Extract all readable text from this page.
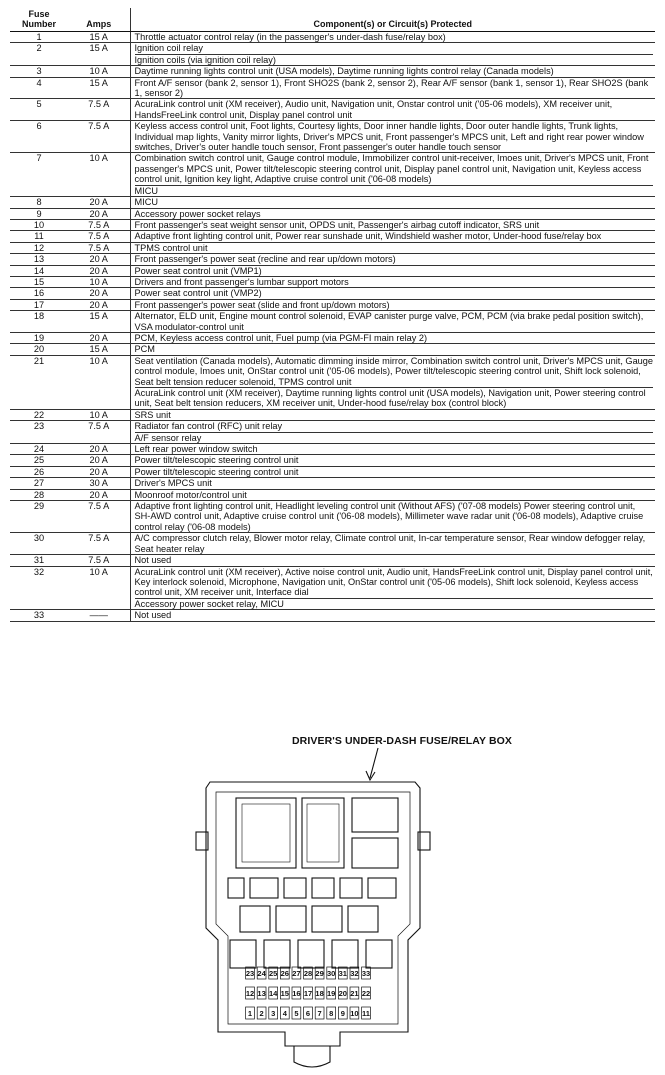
Fuse Number	Amps	Component(s) or Circuit(s) Protected
1	15 A	Throttle actuator control relay (in the passenger's under-dash fuse/relay box)

2	15 A	Ignition coil relay
Ignition coils (via ignition coil relay)

3	10 A	Daytime running lights control unit (USA models), Daytime running lights control relay (Canada models)

4	15 A	Front A/F sensor (bank 2, sensor 1), Front SHO2S (bank 2, sensor 2), Rear A/F sensor (bank 1, sensor 1), Rear SHO2S (bank 1, sensor 2)

5	7.5 A	AcuraLink control unit (XM receiver), Audio unit, Navigation unit, Onstar control unit ('05-06 models), XM receiver unit, HandsFreeLink control unit, Display panel control unit

6	7.5 A	Keyless access control unit, Foot lights, Courtesy lights, Door inner handle lights, Door outer handle lights, Trunk lights, Individual map lights, Vanity mirror lights, Driver's MPCS unit, Front passenger's MPCS unit, Left and right rear power window switches, Driver's outer handle touch sensor, Front passenger's outer handle touch sensor

7	10 A	Combination switch control unit, Gauge control module, Immobilizer control unit-receiver, Imoes unit, Driver's MPCS unit, Front passenger's MPCS unit, Power tilt/telescopic steering control unit, Display panel control unit, Navigation unit, Keyless access control unit, Ignition key light, Adaptive cruise control unit ('06-08 models)
MICU

8	20 A	MICU

9	20 A	Accessory power socket relays

10	7.5 A	Front passenger's seat weight sensor unit, OPDS unit, Passenger's airbag cutoff indicator, SRS unit

11	7.5 A	Adaptive front lighting control unit, Power rear sunshade unit, Windshield washer motor, Under-hood fuse/relay box

12	7.5 A	TPMS control unit

13	20 A	Front passenger's power seat (recline and rear up/down motors)

14	20 A	Power seat control unit (VMP1)

15	10 A	Drivers and front passenger's lumbar support motors

16	20 A	Power seat control unit (VMP2)

17	20 A	Front passenger's power seat (slide and front up/down motors)

18	15 A	Alternator, ELD unit, Engine mount control solenoid, EVAP canister purge valve, PCM, PCM (via brake pedal position switch), VSA modulator-control unit

19	20 A	PCM, Keyless access control unit, Fuel pump (via PGM-FI main relay 2)

20	15 A	PCM

21	10 A	Seat ventilation (Canada models), Automatic dimming inside mirror, Combination switch control unit, Driver's MPCS unit, Gauge control module, Imoes unit, OnStar control unit ('05-06 models), Power tilt/telescopic steering control unit, Shift lock solenoid, Seat belt tension reducer solenoid, TPMS control unit
AcuraLink control unit (XM receiver), Daytime running lights control unit (USA models), Navigation unit, Power steering control unit, Seat belt tension reducers, XM receiver unit, Under-hood fuse/relay box (control block)

22	10 A	SRS unit

23	7.5 A	Radiator fan control (RFC) unit relay
A/F sensor relay

24	20 A	Left rear power window switch

25	20 A	Power tilt/telescopic steering control unit

26	20 A	Power tilt/telescopic steering control unit

27	30 A	Driver's MPCS unit

28	20 A	Moonroof motor/control unit

29	7.5 A	Adaptive front lighting control unit, Headlight leveling control unit (Without AFS) ('07-08 models) Power steering control unit, SH-AWD control unit, Adaptive cruise control unit ('06-08 models), Millimeter wave radar unit ('06-08 models), Adaptive cruise control relay ('06-08 models)

30	7.5 A	A/C compressor clutch relay, Blower motor relay, Climate control unit, In-car temperature sensor, Rear window defogger relay, Seat heater relay

31	7.5 A	Not used

32	10 A	AcuraLink control unit (XM receiver), Active noise control unit, Audio unit, HandsFreeLink control unit, Display panel control unit, Key interlock solenoid, Microphone, Navigation unit, OnStar control unit ('05-06 models), Shift lock solenoid, Keyless access control unit, XM receiver unit, Interface dial
Accessory power socket relay, MICU

33	——	Not used
DRIVER'S UNDER-DASH FUSE/RELAY BOX
23 24 25 26 27 28 29 30 31 32 33
12 13 14 15 16 17 18 19 20 21 22
1 2 3 4 5 6 7 8 9 10 11
